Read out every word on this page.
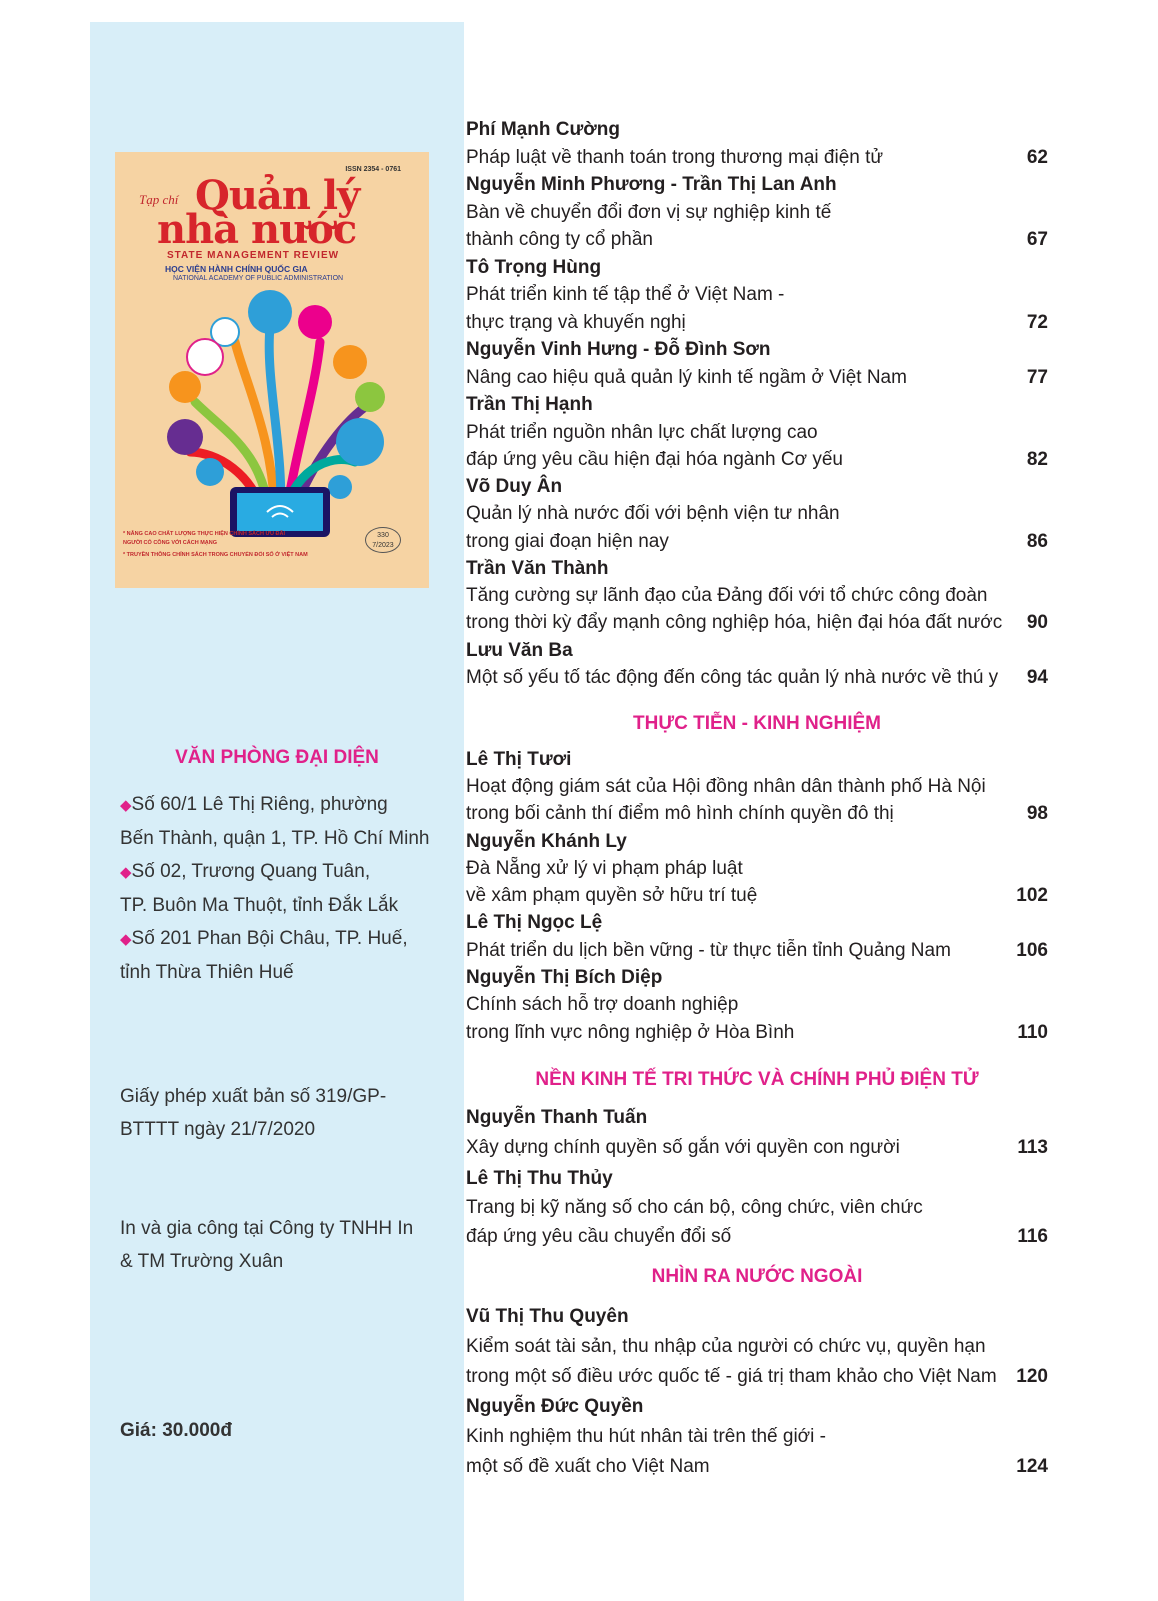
ISSN 2354 - 0761
Tạp chí Quản lý
nhà nước
STATE MANAGEMENT REVIEW
HỌC VIỆN HÀNH CHÍNH QUỐC GIA
NATIONAL ACADEMY OF PUBLIC ADMINISTRATION
* NÂNG CAO CHẤT LƯỢNG THỰC HIỆN CHÍNH SÁCH ƯU ĐÃI
NGƯỜI CÓ CÔNG VỚI CÁCH MẠNG
* TRUYỀN THÔNG CHÍNH SÁCH TRONG CHUYỂN ĐỔI SỐ Ở VIỆT NAM
330
7/2023
VĂN PHÒNG ĐẠI DIỆN
◆Số 60/1 Lê Thị Riêng, phường
Bến Thành, quận 1, TP. Hồ Chí Minh
◆Số 02, Trương Quang Tuân,
TP. Buôn Ma Thuột, tỉnh Đắk Lắk
◆Số 201 Phan Bội Châu, TP. Huế,
tỉnh Thừa Thiên Huế
Giấy phép xuất bản số 319/GP-
BTTTT ngày 21/7/2020
In và gia công tại Công ty TNHH In
& TM Trường Xuân
Giá: 30.000đ
Phí Mạnh Cường
Pháp luật về thanh toán trong thương mại điện tử	62
Nguyễn Minh Phương - Trần Thị Lan Anh
Bàn về chuyển đổi đơn vị sự nghiệp kinh tế
thành công ty cổ phần	67
Tô Trọng Hùng
Phát triển kinh tế tập thể ở Việt Nam -
thực trạng và khuyến nghị	72
Nguyễn Vinh Hưng - Đỗ Đình Sơn
Nâng cao hiệu quả quản lý kinh tế ngầm ở Việt Nam	77
Trần Thị Hạnh
Phát triển nguồn nhân lực chất lượng cao
đáp ứng yêu cầu hiện đại hóa ngành Cơ yếu	82
Võ Duy Ân
Quản lý nhà nước đối với bệnh viện tư nhân
trong giai đoạn hiện nay	86
Trần Văn Thành
Tăng cường sự lãnh đạo của Đảng đối với tổ chức công đoàn
trong thời kỳ đẩy mạnh công nghiệp hóa, hiện đại hóa đất nước 90
Lưu Văn Ba
Một số yếu tố tác động đến công tác quản lý nhà nước về thú y 94
THỰC TIỄN - KINH NGHIỆM
Lê Thị Tươi
Hoạt động giám sát của Hội đồng nhân dân thành phố Hà Nội
trong bối cảnh thí điểm mô hình chính quyền đô thị	98
Nguyễn Khánh Ly
Đà Nẵng xử lý vi phạm pháp luật
về xâm phạm quyền sở hữu trí tuệ	102
Lê Thị Ngọc Lệ
Phát triển du lịch bền vững - từ thực tiễn tỉnh Quảng Nam	106
Nguyễn Thị Bích Diệp
Chính sách hỗ trợ doanh nghiệp
trong lĩnh vực nông nghiệp ở Hòa Bình	110
NỀN KINH TẾ TRI THỨC VÀ CHÍNH PHỦ ĐIỆN TỬ
Nguyễn Thanh Tuấn
Xây dựng chính quyền số gắn với quyền con người	113
Lê Thị Thu Thủy
Trang bị kỹ năng số cho cán bộ, công chức, viên chức
đáp ứng yêu cầu chuyển đổi số	116
NHÌN RA NƯỚC NGOÀI
Vũ Thị Thu Quyên
Kiểm soát tài sản, thu nhập của người có chức vụ, quyền hạn
trong một số điều ước quốc tế - giá trị tham khảo cho Việt Nam 120
Nguyễn Đức Quyền
Kinh nghiệm thu hút nhân tài trên thế giới -
một số đề xuất cho Việt Nam	124
